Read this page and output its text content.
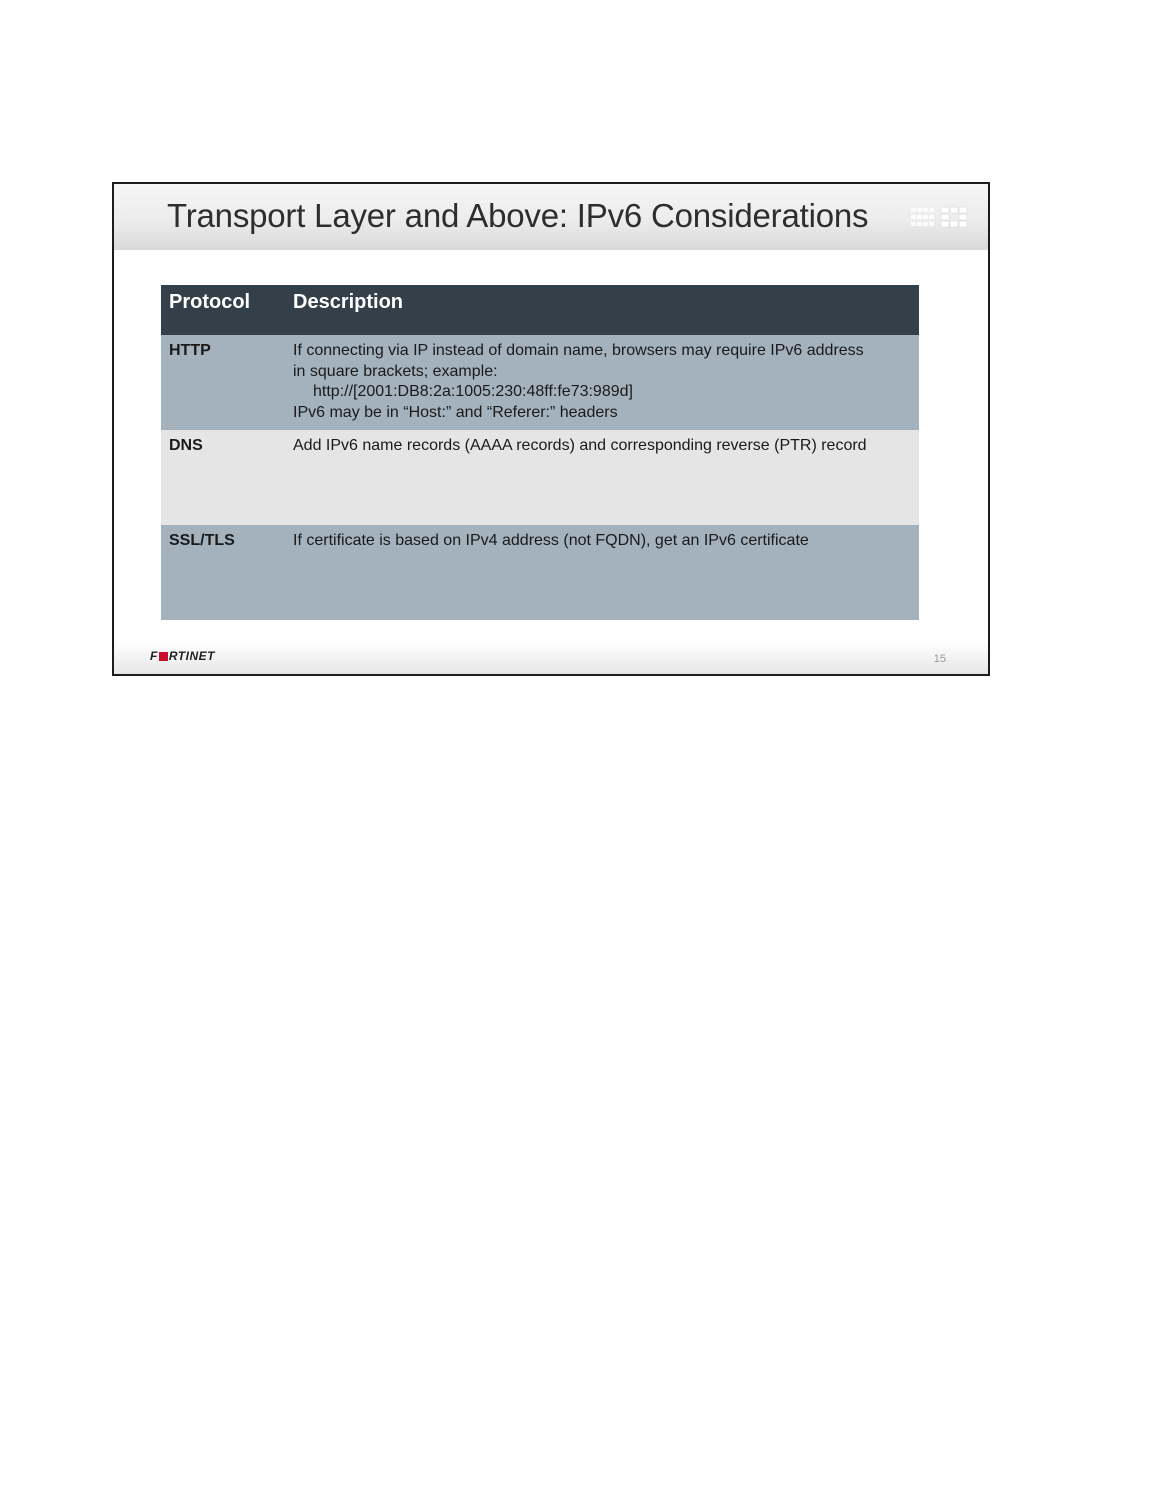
Transport Layer and Above: IPv6 Considerations
Protocol	Description
HTTP	If connecting via IP instead of domain name, browsers may require IPv6 address
in square brackets; example:
http://[2001:DB8:2a:1005:230:48ff:fe73:989d]
IPv6 may be in “Host:” and “Referer:” headers

DNS	Add IPv6 name records (AAAA records) and corresponding reverse (PTR) record

SSL/TLS	If certificate is based on IPv4 address (not FQDN), get an IPv6 certificate
F RTINET	15
